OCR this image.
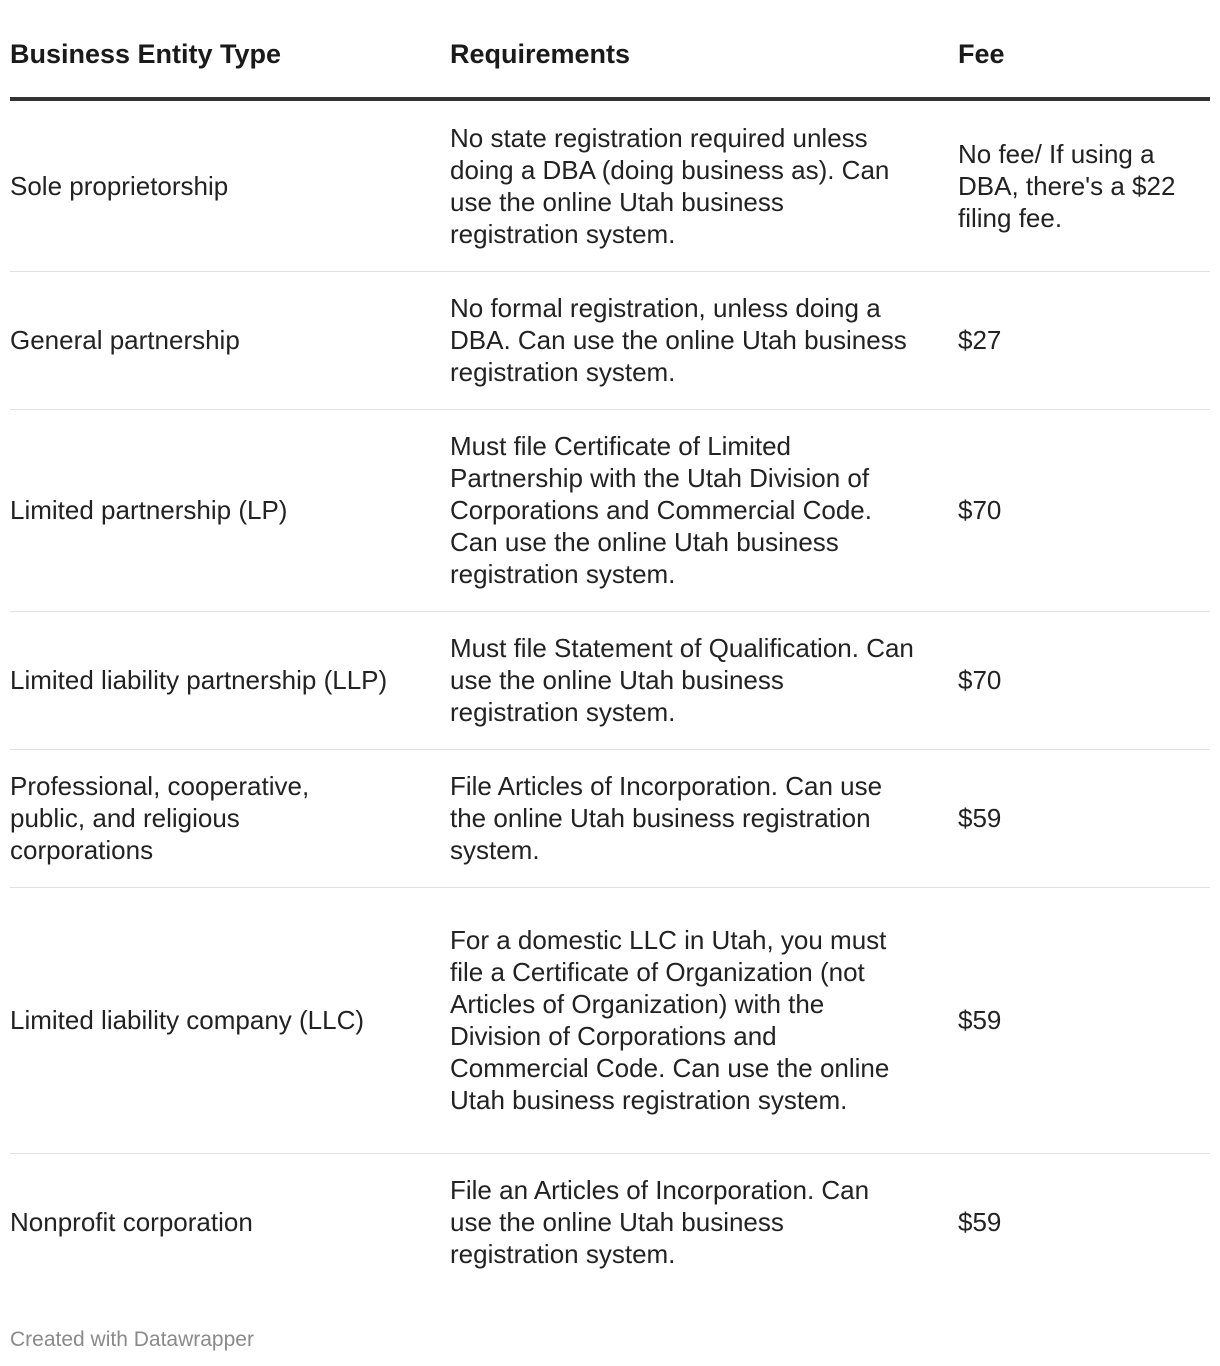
Business Entity Type	Requirements	Fee
Sole proprietorship	No state registration required unless doing a DBA (doing business as). Can use the online Utah business registration system.	No fee/ If using a DBA, there's a $22 filing fee.
General partnership	No formal registration, unless doing a DBA. Can use the online Utah business registration system.	$27
Limited partnership (LP)	Must file Certificate of Limited Partnership with the Utah Division of Corporations and Commercial Code. Can use the online Utah business registration system.	$70
Limited liability partnership (LLP)	Must file Statement of Qualification. Can use the online Utah business registration system.	$70
Professional, cooperative, public, and religious corporations	File Articles of Incorporation. Can use the online Utah business registration system.	$59
Limited liability company (LLC)	For a domestic LLC in Utah, you must file a Certificate of Organization (not Articles of Organization) with the Division of Corporations and Commercial Code. Can use the online Utah business registration system.	$59
Nonprofit corporation	File an Articles of Incorporation. Can use the online Utah business registration system.	$59
Created with Datawrapper
